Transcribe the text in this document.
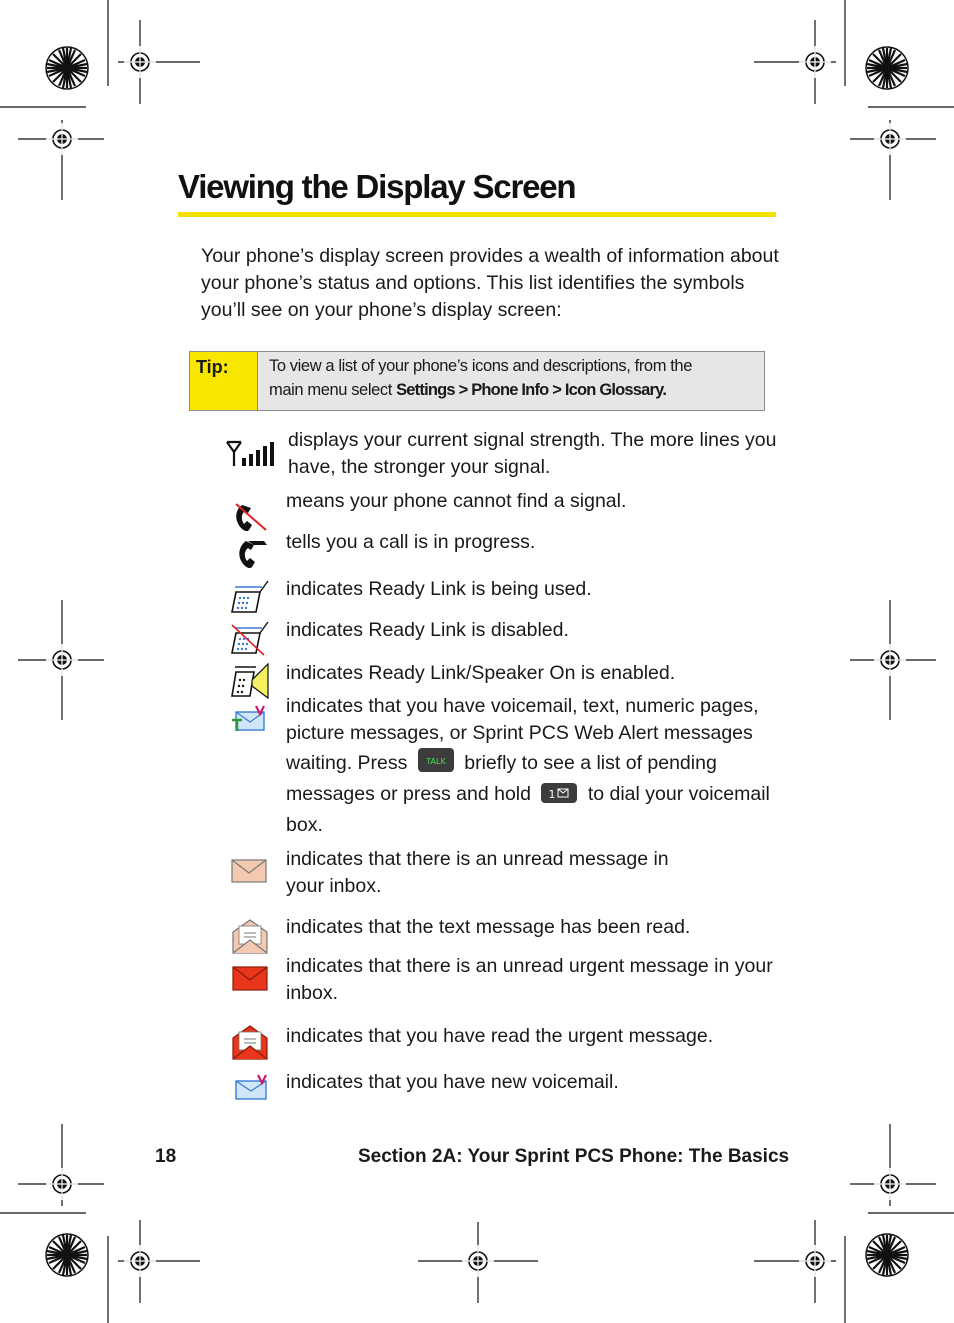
Viewing the Display Screen
Your phone’s display screen provides a wealth of information about your phone’s status and options. This list identifies the symbols you’ll see on your phone’s display screen:
Tip:	To view a list of your phone’s icons and descriptions, from the
main menu select Settings > Phone Info > Icon Glossary.
displays your current signal strength. The more lines you have, the stronger your signal.
means your phone cannot find a signal.
tells you a call is in progress.
indicates Ready Link is being used.
indicates Ready Link is disabled.
indicates Ready Link/Speaker On is enabled.
indicates that you have voicemail, text, numeric pages, picture messages, or Sprint PCS Web Alert messages waiting. Press TALK briefly to see a list of pending messages or press and hold 1 to dial your voicemail box.
indicates that there is an unread message in your inbox.
indicates that the text message has been read.
indicates that there is an unread urgent message in your inbox.
indicates that you have read the urgent message.
indicates that you have new voicemail.
18	Section 2A: Your Sprint PCS Phone: The Basics
